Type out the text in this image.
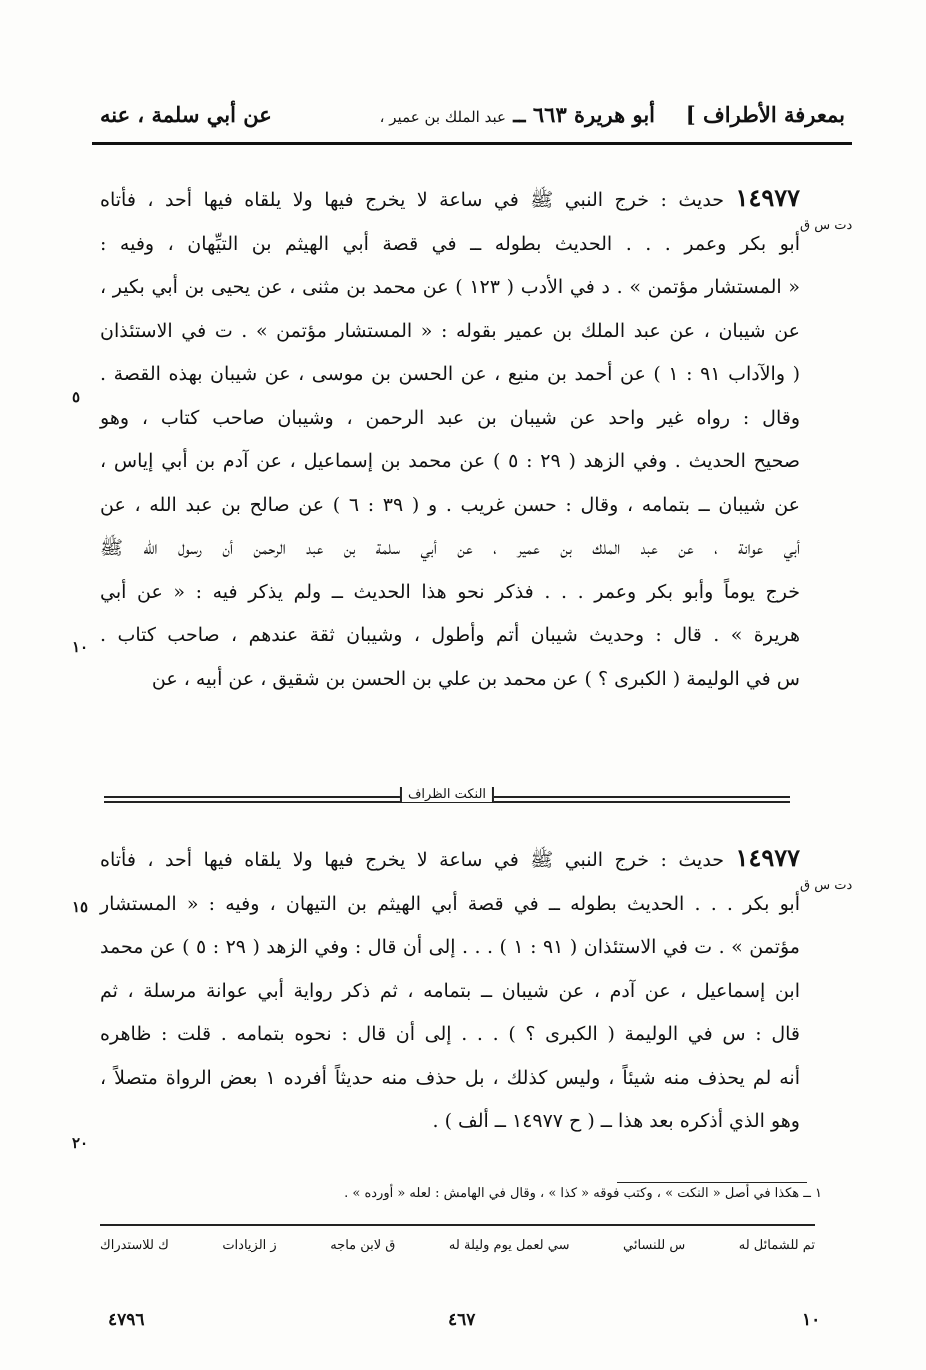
بمعرفة الأطراف ]
أبو هريرة ٦٦٣ ــ عبد الملك بن عمير ،
عن أبي سلمة ، عنه

١٤٩٧٧ حديث : خرج النبي ﷺ في ساعة لا يخرج فيها ولا يلقاه فيها أحد ، فأتاه

أبو بكر وعمر . . . الحديث بطوله ــ في قصة أبي الهيثم بن التيِّهان ، وفيه :

« المستشار مؤتمن » . د في الأدب ( ١٢٣ ) عن محمد بن مثنى ، عن يحيى بن أبي بكير ،

عن شيبان ، عن عبد الملك بن عمير بقوله : « المستشار مؤتمن » . ت في الاستئذان

( والآداب ٩١ : ١ ) عن أحمد بن منيع ، عن الحسن بن موسى ، عن شيبان بهذه القصة .

وقال : رواه غير واحد عن شيبان بن عبد الرحمن ، وشيبان صاحب كتاب ، وهو

صحيح الحديث . وفي الزهد ( ٢٩ : ٥ ) عن محمد بن إسماعيل ، عن آدم بن أبي إياس ،

عن شيبان ــ بتمامه ، وقال : حسن غريب . و ( ٣٩ : ٦ ) عن صالح بن عبد الله ، عن

أبي عوانة ، عن عبد الملك بن عمير ، عن أبي سلمة بن عبد الرحمن أن رسول الله ﷺ

خرج يوماً وأبو بكر وعمر . . . فذكر نحو هذا الحديث ــ ولم يذكر فيه : « عن أبي

هريرة » . قال : وحديث شيبان أتم وأطول ، وشيبان ثقة عندهم ، صاحب كتاب .

س في الوليمة ( الكبرى ؟ ) عن محمد بن علي بن الحسن بن شقيق ، عن أبيه ، عن

دت س ق
النكت الظراف

١٤٩٧٧ حديث : خرج النبي ﷺ في ساعة لا يخرج فيها ولا يلقاه فيها أحد ، فأتاه

أبو بكر . . . الحديث بطوله ــ في قصة أبي الهيثم بن التيهان ، وفيه : « المستشار

مؤتمن » . ت في الاستئذان ( ٩١ : ١ ) . . . إلى أن قال : وفي الزهد ( ٢٩ : ٥ ) عن محمد

ابن إسماعيل ، عن آدم ، عن شيبان ــ بتمامه ، ثم ذكر رواية أبي عوانة مرسلة ، ثم

قال : س في الوليمة ( الكبرى ؟ ) . . . إلى أن قال : نحوه بتمامه . قلت : ظاهره

أنه لم يحذف منه شيئاً ، وليس كذلك ، بل حذف منه حديثاً أفرده ١ بعض الرواة متصلاً ،

وهو الذي أذكره بعد هذا ــ ( ح ١٤٩٧٧ ــ ألف ) .

دت س ق
٥
١٠
١٥
٢٠
١ ــ هكذا في أصل « النكت » ، وكتب فوقه « كذا » ، وقال في الهامش : لعله « أورده » .
تم للشمائل له
س للنسائي
سي لعمل يوم وليلة له
ق لابن ماجه
ز الزيادات
ك للاستدراك
٤٧٩٦	٤٦٧	١٠
